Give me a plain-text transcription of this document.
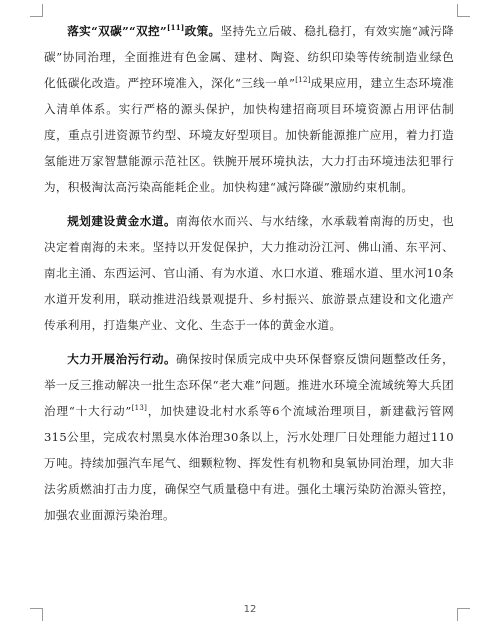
落实“双碳”“双控”[11]政策。坚持先立后破、稳扎稳打，有效实施“减污降碳”协同治理，全面推进有色金属、建材、陶瓷、纺织印染等传统制造业绿色化低碳化改造。严控环境准入，深化“三线一单”[12]成果应用，建立生态环境准入清单体系。实行严格的源头保护，加快构建招商项目环境资源占用评估制度，重点引进资源节约型、环境友好型项目。加快新能源推广应用，着力打造氢能进万家智慧能源示范社区。铁腕开展环境执法，大力打击环境违法犯罪行为，积极淘汰高污染高能耗企业。加快构建“减污降碳”激励约束机制。

规划建设黄金水道。南海依水而兴、与水结缘，水承载着南海的历史，也决定着南海的未来。坚持以开发促保护，大力推动汾江河、佛山涌、东平河、南北主涌、东西运河、官山涌、有为水道、水口水道、雅瑶水道、里水河10条水道开发利用，联动推进沿线景观提升、乡村振兴、旅游景点建设和文化遗产传承利用，打造集产业、文化、生态于一体的黄金水道。

大力开展治污行动。确保按时保质完成中央环保督察反馈问题整改任务，举一反三推动解决一批生态环保“老大难”问题。推进水环境全流域统筹大兵团治理“十大行动”[13]，加快建设北村水系等6个流域治理项目，新建截污管网315公里，完成农村黑臭水体治理30条以上，污水处理厂日处理能力超过110万吨。持续加强汽车尾气、细颗粒物、挥发性有机物和臭氧协同治理，加大非法劣质燃油打击力度，确保空气质量稳中有进。强化土壤污染防治源头管控，加强农业面源污染治理。

12
